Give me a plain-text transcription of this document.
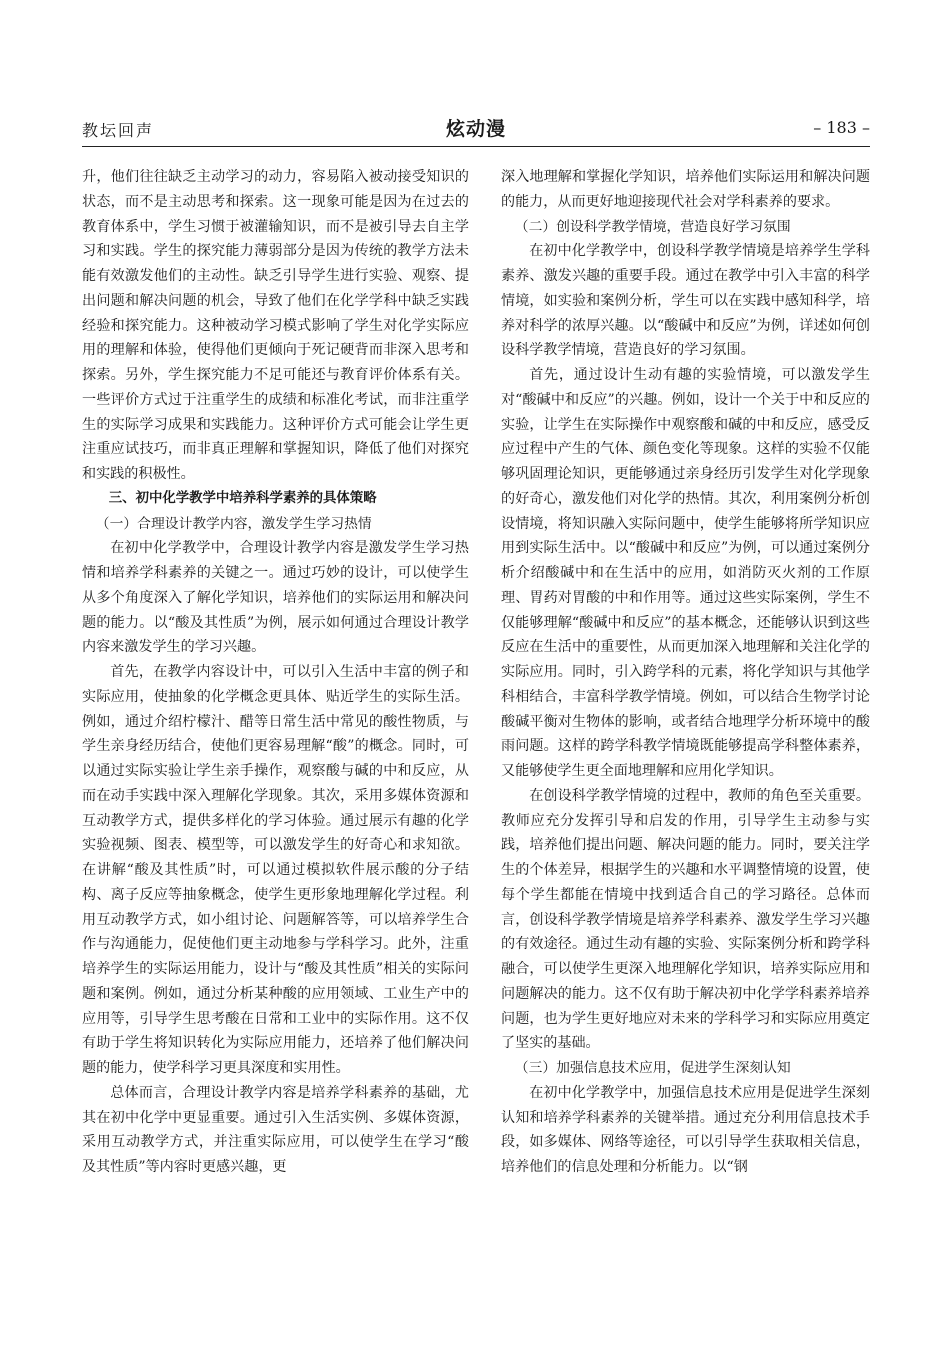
教坛回声	炫动漫	– 183 –

升，他们往往缺乏主动学习的动力，容易陷入被动接受知识的状态，而不是主动思考和探索。这一现象可能是因为在过去的教育体系中，学生习惯于被灌输知识，而不是被引导去自主学习和实践。学生的探究能力薄弱部分是因为传统的教学方法未能有效激发他们的主动性。缺乏引导学生进行实验、观察、提出问题和解决问题的机会，导致了他们在化学学科中缺乏实践经验和探究能力。这种被动学习模式影响了学生对化学实际应用的理解和体验，使得他们更倾向于死记硬背而非深入思考和探索。另外，学生探究能力不足可能还与教育评价体系有关。一些评价方式过于注重学生的成绩和标准化考试，而非注重学生的实际学习成果和实践能力。这种评价方式可能会让学生更注重应试技巧，而非真正理解和掌握知识，降低了他们对探究和实践的积极性。

三、初中化学教学中培养科学素养的具体策略

（一）合理设计教学内容，激发学生学习热情

在初中化学教学中，合理设计教学内容是激发学生学习热情和培养学科素养的关键之一。通过巧妙的设计，可以使学生从多个角度深入了解化学知识，培养他们的实际运用和解决问题的能力。以“酸及其性质”为例，展示如何通过合理设计教学内容来激发学生的学习兴趣。

首先，在教学内容设计中，可以引入生活中丰富的例子和实际应用，使抽象的化学概念更具体、贴近学生的实际生活。例如，通过介绍柠檬汁、醋等日常生活中常见的酸性物质，与学生亲身经历结合，使他们更容易理解“酸”的概念。同时，可以通过实际实验让学生亲手操作，观察酸与碱的中和反应，从而在动手实践中深入理解化学现象。其次，采用多媒体资源和互动教学方式，提供多样化的学习体验。通过展示有趣的化学实验视频、图表、模型等，可以激发学生的好奇心和求知欲。在讲解“酸及其性质”时，可以通过模拟软件展示酸的分子结构、离子反应等抽象概念，使学生更形象地理解化学过程。利用互动教学方式，如小组讨论、问题解答等，可以培养学生合作与沟通能力，促使他们更主动地参与学科学习。此外，注重培养学生的实际运用能力，设计与“酸及其性质”相关的实际问题和案例。例如，通过分析某种酸的应用领域、工业生产中的应用等，引导学生思考酸在日常和工业中的实际作用。这不仅有助于学生将知识转化为实际应用能力，还培养了他们解决问题的能力，使学科学习更具深度和实用性。

总体而言，合理设计教学内容是培养学科素养的基础，尤其在初中化学中更显重要。通过引入生活实例、多媒体资源，采用互动教学方式，并注重实际应用，可以使学生在学习“酸及其性质”等内容时更感兴趣，更

深入地理解和掌握化学知识，培养他们实际运用和解决问题的能力，从而更好地迎接现代社会对学科素养的要求。

（二）创设科学教学情境，营造良好学习氛围

在初中化学教学中，创设科学教学情境是培养学生学科素养、激发兴趣的重要手段。通过在教学中引入丰富的科学情境，如实验和案例分析，学生可以在实践中感知科学，培养对科学的浓厚兴趣。以“酸碱中和反应”为例，详述如何创设科学教学情境，营造良好的学习氛围。

首先，通过设计生动有趣的实验情境，可以激发学生对“酸碱中和反应”的兴趣。例如，设计一个关于中和反应的实验，让学生在实际操作中观察酸和碱的中和反应，感受反应过程中产生的气体、颜色变化等现象。这样的实验不仅能够巩固理论知识，更能够通过亲身经历引发学生对化学现象的好奇心，激发他们对化学的热情。其次，利用案例分析创设情境，将知识融入实际问题中，使学生能够将所学知识应用到实际生活中。以“酸碱中和反应”为例，可以通过案例分析介绍酸碱中和在生活中的应用，如消防灭火剂的工作原理、胃药对胃酸的中和作用等。通过这些实际案例，学生不仅能够理解“酸碱中和反应”的基本概念，还能够认识到这些反应在生活中的重要性，从而更加深入地理解和关注化学的实际应用。同时，引入跨学科的元素，将化学知识与其他学科相结合，丰富科学教学情境。例如，可以结合生物学讨论酸碱平衡对生物体的影响，或者结合地理学分析环境中的酸雨问题。这样的跨学科教学情境既能够提高学科整体素养，又能够使学生更全面地理解和应用化学知识。

在创设科学教学情境的过程中，教师的角色至关重要。教师应充分发挥引导和启发的作用，引导学生主动参与实践，培养他们提出问题、解决问题的能力。同时，要关注学生的个体差异，根据学生的兴趣和水平调整情境的设置，使每个学生都能在情境中找到适合自己的学习路径。总体而言，创设科学教学情境是培养学科素养、激发学生学习兴趣的有效途径。通过生动有趣的实验、实际案例分析和跨学科融合，可以使学生更深入地理解化学知识，培养实际应用和问题解决的能力。这不仅有助于解决初中化学学科素养培养问题，也为学生更好地应对未来的学科学习和实际应用奠定了坚实的基础。

（三）加强信息技术应用，促进学生深刻认知

在初中化学教学中，加强信息技术应用是促进学生深刻认知和培养学科素养的关键举措。通过充分利用信息技术手段，如多媒体、网络等途径，可以引导学生获取相关信息，培养他们的信息处理和分析能力。以“钢
